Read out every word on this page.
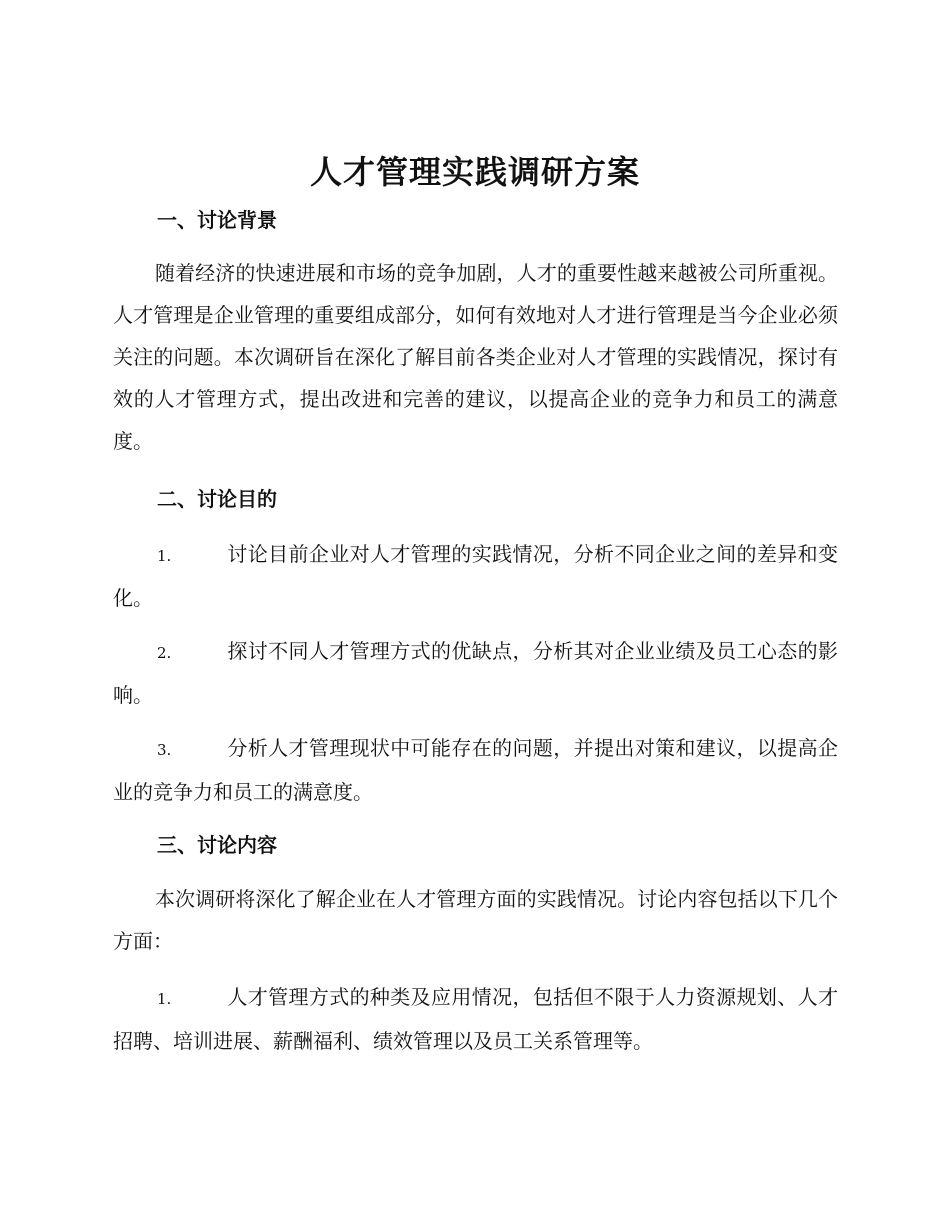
人才管理实践调研方案
一、讨论背景

随着经济的快速进展和市场的竞争加剧，人才的重要性越来越被公司所重视。人才管理是企业管理的重要组成部分，如何有效地对人才进行管理是当今企业必须关注的问题。本次调研旨在深化了解目前各类企业对人才管理的实践情况，探讨有效的人才管理方式，提出改进和完善的建议，以提高企业的竞争力和员工的满意度。

二、讨论目的

1.	讨论目前企业对人才管理的实践情况，分析不同企业之间的差异和变化。

2.	探讨不同人才管理方式的优缺点，分析其对企业业绩及员工心态的影响。

3.	分析人才管理现状中可能存在的问题，并提出对策和建议，以提高企业的竞争力和员工的满意度。

三、讨论内容

本次调研将深化了解企业在人才管理方面的实践情况。讨论内容包括以下几个方面：

1.	人才管理方式的种类及应用情况，包括但不限于人力资源规划、人才招聘、培训进展、薪酬福利、绩效管理以及员工关系管理等。
